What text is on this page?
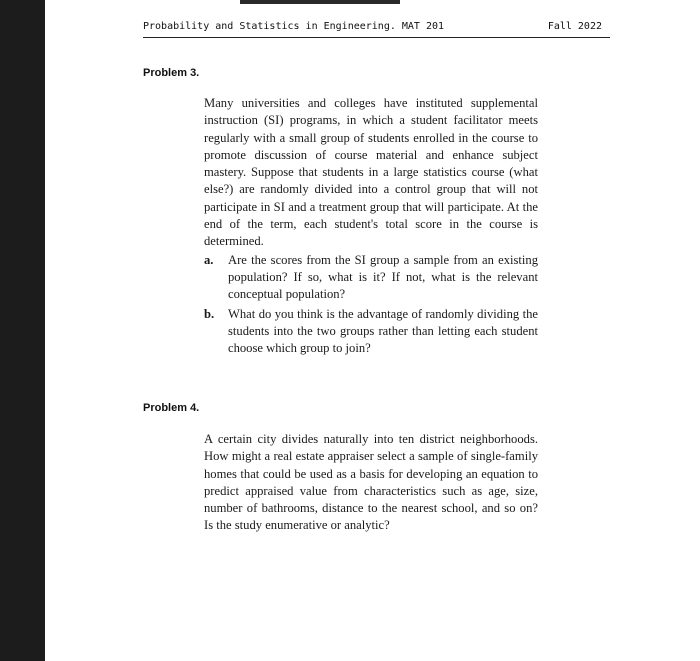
Probability and Statistics in Engineering. MAT 201	Fall 2022
Problem 3.

Many universities and colleges have instituted supplemental instruction (SI) programs, in which a student facilitator meets regularly with a small group of students enrolled in the course to promote discussion of course material and enhance subject mastery. Suppose that students in a large statistics course (what else?) are randomly divided into a control group that will not participate in SI and a treatment group that will participate. At the end of the term, each student's total score in the course is determined.

a. Are the scores from the SI group a sample from an existing population? If so, what is it? If not, what is the relevant conceptual population?
b. What do you think is the advantage of randomly dividing the students into the two groups rather than letting each student choose which group to join?
Problem 4.

A certain city divides naturally into ten district neighborhoods. How might a real estate appraiser select a sample of single-family homes that could be used as a basis for developing an equation to predict appraised value from characteristics such as age, size, number of bathrooms, distance to the nearest school, and so on? Is the study enumerative or analytic?
